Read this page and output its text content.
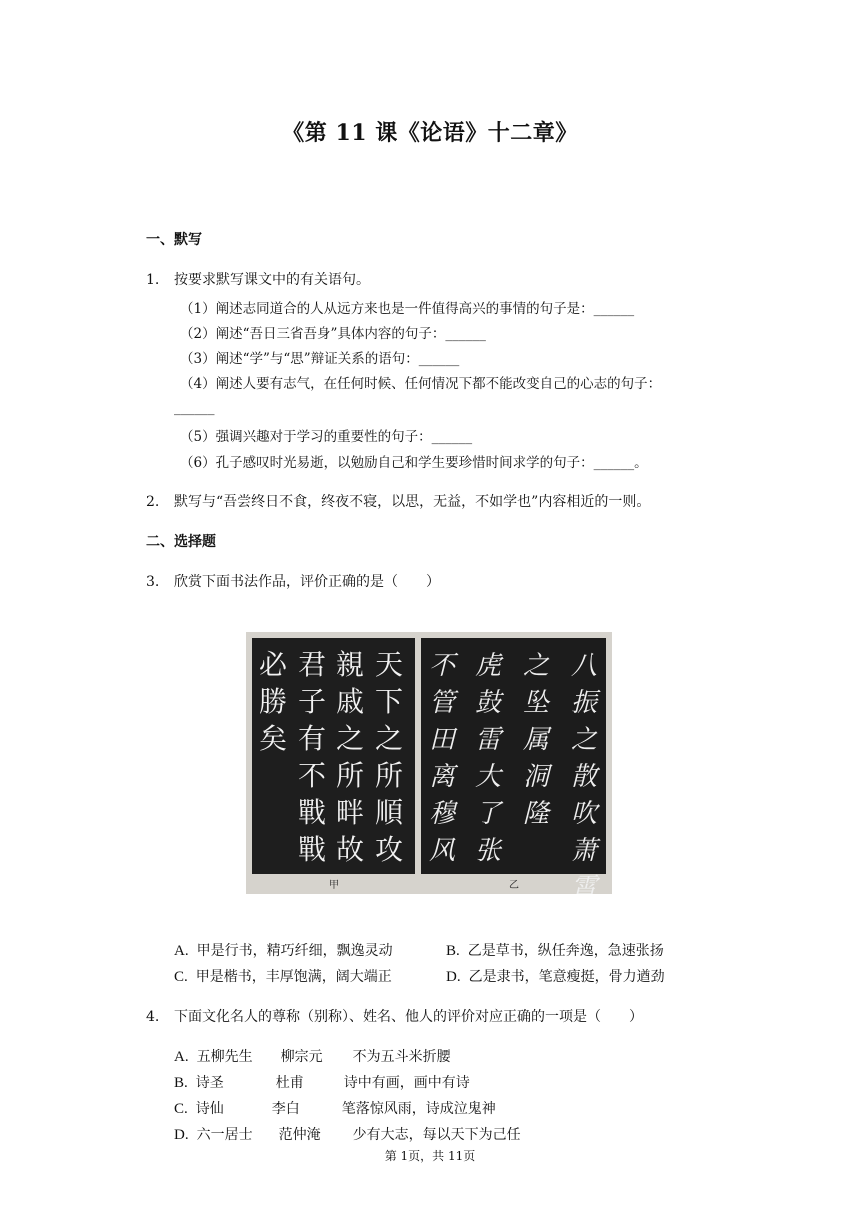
《第 11 课《论语》十二章》
一、默写
1. 按要求默写课文中的有关语句。
（1）阐述志同道合的人从远方来也是一件值得高兴的事情的句子是：______
（2）阐述“吾日三省吾身”具体内容的句子：______
（3）阐述“学”与“思”辩证关系的语句：______
（4）阐述人要有志气，在任何时候、任何情况下都不能改变自己的心志的句子：
______
（5）强调兴趣对于学习的重要性的句子：______
（6）孔子感叹时光易逝，以勉励自己和学生要珍惜时间求学的句子：______。
2. 默写与“吾尝终日不食，终夜不寝，以思，无益，不如学也”内容相近的一则。
二、选择题
3. 欣赏下面书法作品，评价正确的是（　　）
必勝矣
君子有不戰戰
親戚之所畔故
天下之所順攻
不管田离穆风
虎鼓雷大了张
之坠属洞隆
八振之散吹萧霄
甲	乙
A. 甲是行书，精巧纤细，飘逸灵动	B. 乙是草书，纵任奔逸，急速张扬
C. 甲是楷书，丰厚饱满，阔大端正	D. 乙是隶书，笔意瘦挺，骨力遒劲
4. 下面文化名人的尊称（别称）、姓名、他人的评价对应正确的一项是（　　）
A. 五柳先生 柳宗元 不为五斗米折腰
B. 诗圣	杜甫	诗中有画，画中有诗
C. 诗仙	李白	笔落惊风雨，诗成泣鬼神
D. 六一居士 范仲淹 少有大志，每以天下为己任
第 1页，共 11页
